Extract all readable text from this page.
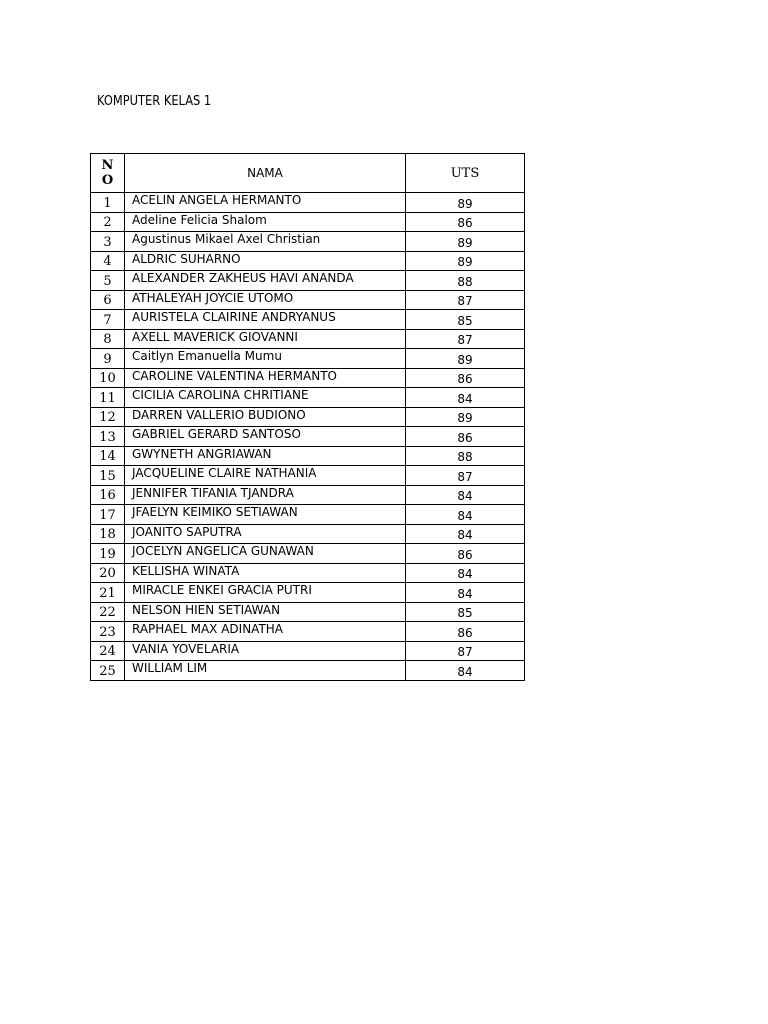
KOMPUTER KELAS 1
N
O	NAMA	UTS
1	ACELIN ANGELA HERMANTO	89
2	Adeline Felicia Shalom	86
3	Agustinus Mikael Axel Christian	89
4	ALDRIC SUHARNO	89
5	ALEXANDER ZAKHEUS HAVI ANANDA	88
6	ATHALEYAH JOYCIE UTOMO	87
7	AURISTELA CLAIRINE ANDRYANUS	85
8	AXELL MAVERICK GIOVANNI	87
9	Caitlyn Emanuella Mumu	89
10	CAROLINE VALENTINA HERMANTO	86
11	CICILIA CAROLINA CHRITIANE	84
12	DARREN VALLERIO BUDIONO	89
13	GABRIEL GERARD SANTOSO	86
14	GWYNETH ANGRIAWAN	88
15	JACQUELINE CLAIRE NATHANIA	87
16	JENNIFER TIFANIA TJANDRA	84
17	JFAELYN KEIMIKO SETIAWAN	84
18	JOANITO SAPUTRA	84
19	JOCELYN ANGELICA GUNAWAN	86
20	KELLISHA WINATA	84
21	MIRACLE ENKEI GRACIA PUTRI	84
22	NELSON HIEN SETIAWAN	85
23	RAPHAEL MAX ADINATHA	86
24	VANIA YOVELARIA	87
25	WILLIAM LIM	84
